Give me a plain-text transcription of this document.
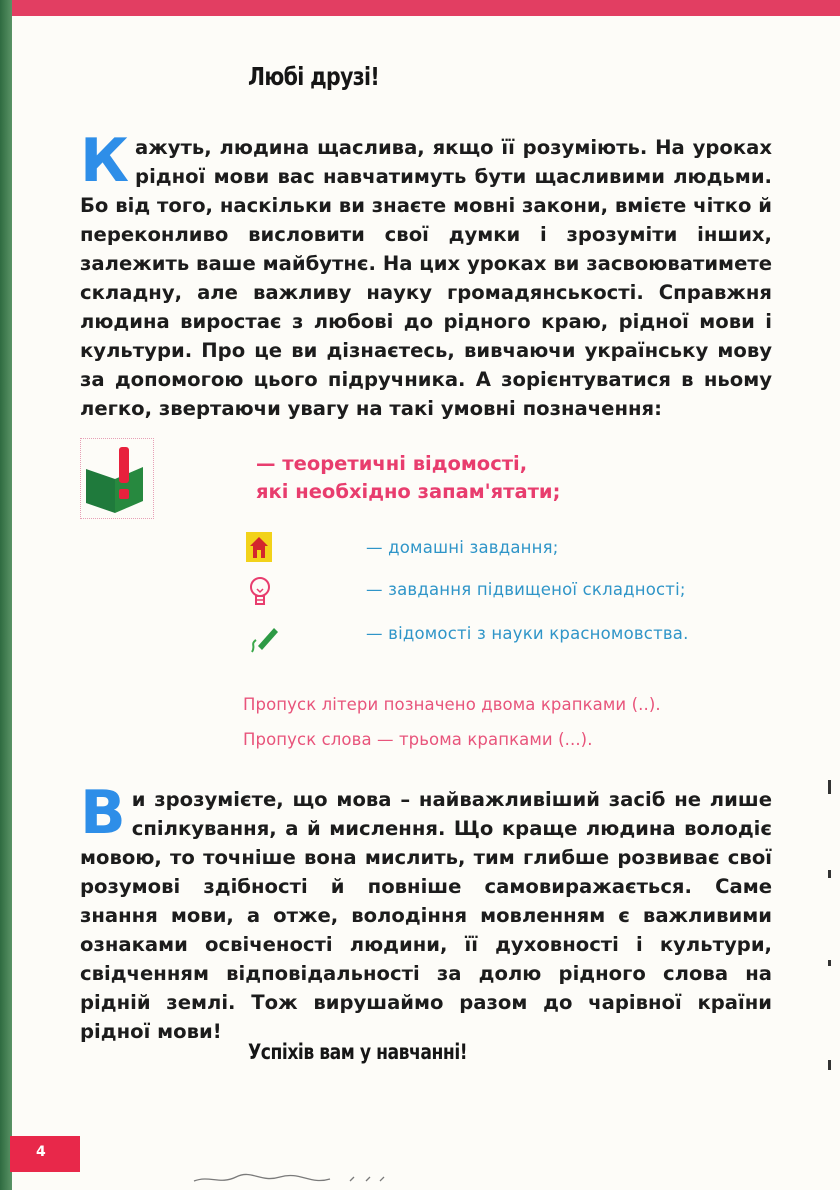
Любі друзі!
Кажуть, людина щаслива, якщо її розуміють. На уроках рідної мови вас навчатимуть бути щасливими людьми. Бо від того, наскільки ви знаєте мовні закони, вмієте чітко й переконливо висловити свої думки і зрозуміти інших, залежить ваше майбутнє. На цих уроках ви засвоюватимете складну, але важливу науку громадянськості. Справжня людина виростає з любові до рідного краю, рідної мови і культури. Про це ви дізнаєтесь, вивчаючи українську мову за допомогою цього підручника. А зорієнтуватися в ньому легко, звертаючи увагу на такі умовні позначення:
— теоретичні відомості,
які необхідно запам'ятати;
— домашні завдання;
— завдання підвищеної складності;
— відомості з науки красномовства.
Пропуск літери позначено двома крапками (..).
Пропуск слова — трьома крапками (...).
Ви зрозумієте, що мова – найважливіший засіб не лише спілкування, а й мислення. Що краще людина володіє мовою, то точніше вона мислить, тим глибше розвиває свої розумові здібності й повніше самовиражається. Саме знання мови, а отже, володіння мовленням є важливими ознаками освіченості людини, її духовності і культури, свідченням відповідальності за долю рідного слова на рідній землі. Тож вирушаймо разом до чарівної країни рідної мови!
Успіхів вам у навчанні!
4
